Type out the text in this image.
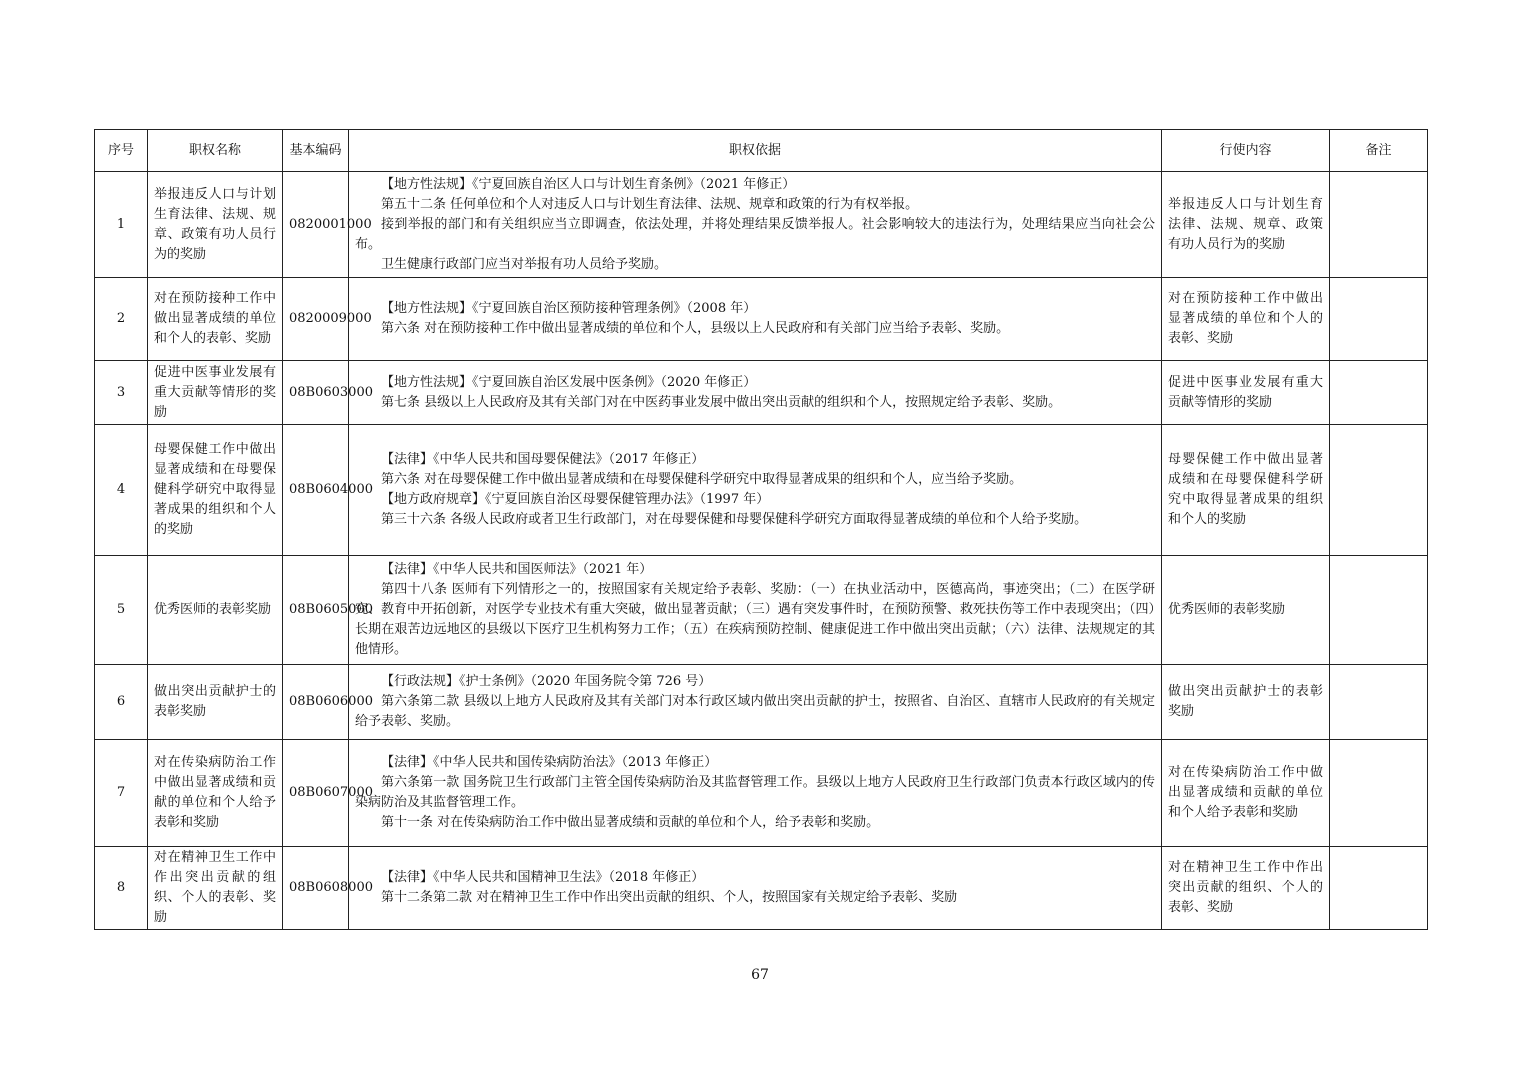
序号	职权名称	基本编码	职权依据	行使内容	备注
1	举报违反人口与计划生育法律、法规、规章、政策有功人员行为的奖励	0820001000	【地方性法规】《宁夏回族自治区人口与计划生育条例》（2021 年修正）

第五十二条 任何单位和个人对违反人口与计划生育法律、法规、规章和政策的行为有权举报。

接到举报的部门和有关组织应当立即调查，依法处理，并将处理结果反馈举报人。社会影响较大的违法行为，处理结果应当向社会公布。

卫生健康行政部门应当对举报有功人员给予奖励。	举报违反人口与计划生育法律、法规、规章、政策有功人员行为的奖励	
2	对在预防接种工作中做出显著成绩的单位和个人的表彰、奖励	0820009000	【地方性法规】《宁夏回族自治区预防接种管理条例》（2008 年）

第六条 对在预防接种工作中做出显著成绩的单位和个人，县级以上人民政府和有关部门应当给予表彰、奖励。	对在预防接种工作中做出显著成绩的单位和个人的表彰、奖励	
3	促进中医事业发展有重大贡献等情形的奖励	08B0603000	【地方性法规】《宁夏回族自治区发展中医条例》（2020 年修正）

第七条 县级以上人民政府及其有关部门对在中医药事业发展中做出突出贡献的组织和个人，按照规定给予表彰、奖励。	促进中医事业发展有重大贡献等情形的奖励	
4	母婴保健工作中做出显著成绩和在母婴保健科学研究中取得显著成果的组织和个人的奖励	08B0604000	【法律】《中华人民共和国母婴保健法》（2017 年修正）

第六条 对在母婴保健工作中做出显著成绩和在母婴保健科学研究中取得显著成果的组织和个人，应当给予奖励。

【地方政府规章】《宁夏回族自治区母婴保健管理办法》（1997 年）

第三十六条 各级人民政府或者卫生行政部门，对在母婴保健和母婴保健科学研究方面取得显著成绩的单位和个人给予奖励。	母婴保健工作中做出显著成绩和在母婴保健科学研究中取得显著成果的组织和个人的奖励	
5	优秀医师的表彰奖励	08B0605000	【法律】《中华人民共和国医师法》（2021 年）

第四十八条 医师有下列情形之一的，按照国家有关规定给予表彰、奖励：（一）在执业活动中，医德高尚，事迹突出；（二）在医学研究、教育中开拓创新，对医学专业技术有重大突破，做出显著贡献；（三）遇有突发事件时，在预防预警、救死扶伤等工作中表现突出；（四）长期在艰苦边远地区的县级以下医疗卫生机构努力工作；（五）在疾病预防控制、健康促进工作中做出突出贡献；（六）法律、法规规定的其他情形。	优秀医师的表彰奖励	
6	做出突出贡献护士的表彰奖励	08B0606000	【行政法规】《护士条例》（2020 年国务院令第 726 号）

第六条第二款 县级以上地方人民政府及其有关部门对本行政区域内做出突出贡献的护士，按照省、自治区、直辖市人民政府的有关规定给予表彰、奖励。	做出突出贡献护士的表彰奖励	
7	对在传染病防治工作中做出显著成绩和贡献的单位和个人给予表彰和奖励	08B0607000	【法律】《中华人民共和国传染病防治法》（2013 年修正）

第六条第一款 国务院卫生行政部门主管全国传染病防治及其监督管理工作。县级以上地方人民政府卫生行政部门负责本行政区域内的传染病防治及其监督管理工作。

第十一条 对在传染病防治工作中做出显著成绩和贡献的单位和个人，给予表彰和奖励。	对在传染病防治工作中做出显著成绩和贡献的单位和个人给予表彰和奖励	
8	对在精神卫生工作中作出突出贡献的组织、个人的表彰、奖励	08B0608000	【法律】《中华人民共和国精神卫生法》（2018 年修正）

第十二条第二款 对在精神卫生工作中作出突出贡献的组织、个人，按照国家有关规定给予表彰、奖励	对在精神卫生工作中作出突出贡献的组织、个人的表彰、奖励	
67
